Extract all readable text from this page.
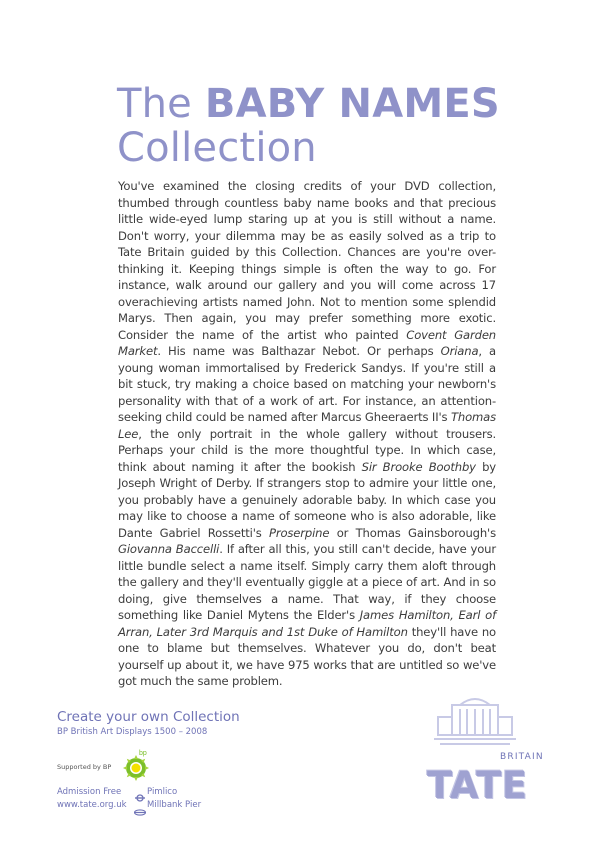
The BABY NAMES
Collection
You've examined the closing credits of your DVD collection, thumbed through countless baby name books and that precious little wide-eyed lump staring up at you is still without a name. Don't worry, your dilemma may be as easily solved as a trip to Tate Britain guided by this Collection. Chances are you're over-thinking it. Keeping things simple is often the way to go. For instance, walk around our gallery and you will come across 17 overachieving artists named John. Not to mention some splendid Marys. Then again, you may prefer something more exotic. Consider the name of the artist who painted Covent Garden Market. His name was Balthazar Nebot. Or perhaps Oriana, a young woman immortalised by Frederick Sandys. If you're still a bit stuck, try making a choice based on matching your newborn's personality with that of a work of art. For instance, an attention-seeking child could be named after Marcus Gheeraerts II's Thomas Lee, the only portrait in the whole gallery without trousers. Perhaps your child is the more thoughtful type. In which case, think about naming it after the bookish Sir Brooke Boothby by Joseph Wright of Derby. If strangers stop to admire your little one, you probably have a genuinely adorable baby. In which case you may like to choose a name of someone who is also adorable, like Dante Gabriel Rossetti's Proserpine or Thomas Gainsborough's Giovanna Baccelli. If after all this, you still can't decide, have your little bundle select a name itself. Simply carry them aloft through the gallery and they'll eventually giggle at a piece of art. And in so doing, give themselves a name. That way, if they choose something like Daniel Mytens the Elder's James Hamilton, Earl of Arran, Later 3rd Marquis and 1st Duke of Hamilton they'll have no one to blame but themselves. Whatever you do, don't beat yourself up about it, we have 975 works that are untitled so we've got much the same problem.
Create your own Collection
BP British Art Displays 1500 – 2008
Supported by BP
bp
Admission Free
www.tate.org.uk
Pimlico
Millbank Pier
BRITAIN
TATE
